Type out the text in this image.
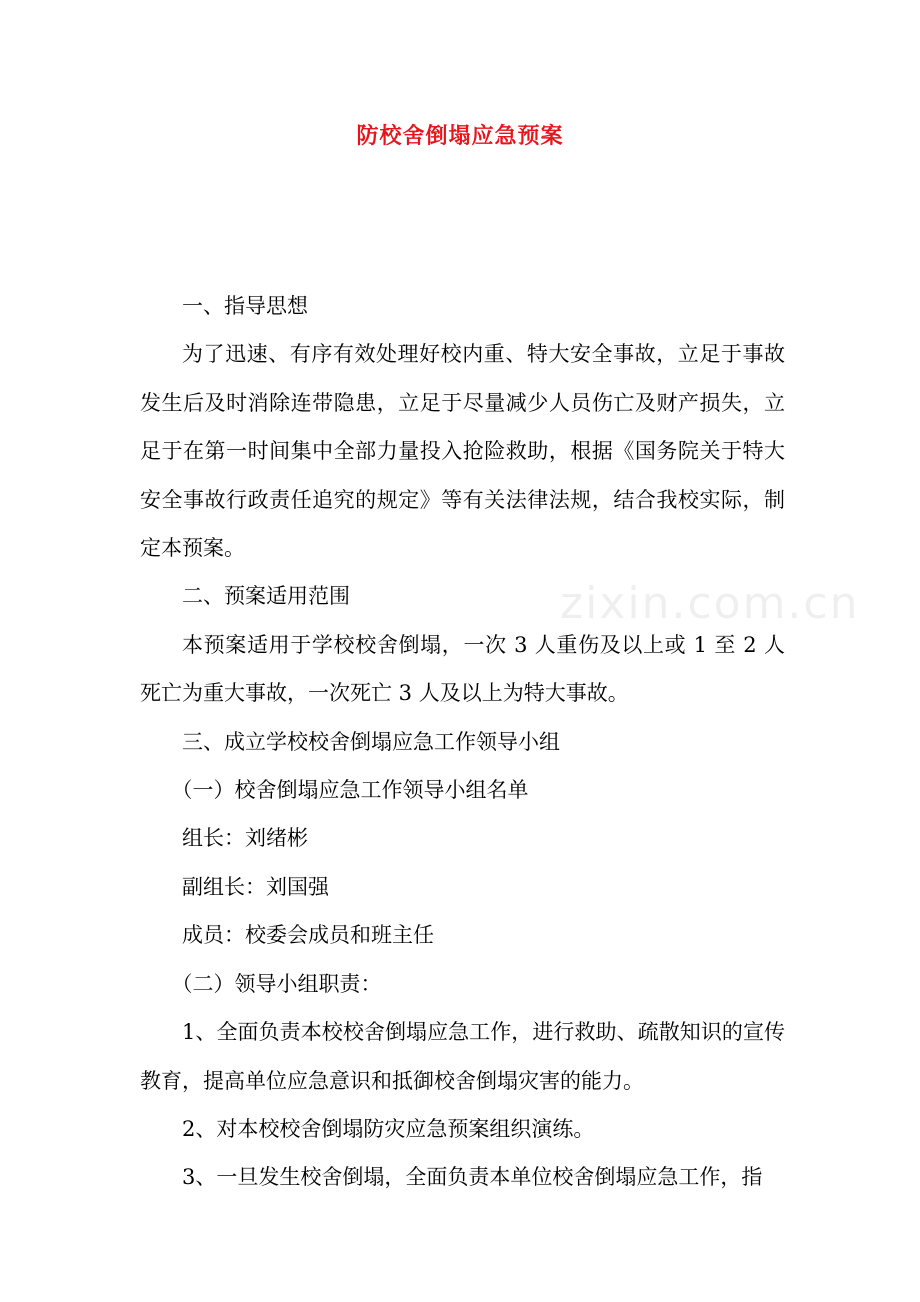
防校舍倒塌应急预案
zixin.com.cn

一、指导思想

为了迅速、有序有效处理好校内重、特大安全事故，立足于事故发生后及时消除连带隐患，立足于尽量减少人员伤亡及财产损失，立足于在第一时间集中全部力量投入抢险救助，根据《国务院关于特大安全事故行政责任追究的规定》等有关法律法规，结合我校实际，制定本预案。

二、预案适用范围

本预案适用于学校校舍倒塌，一次 3 人重伤及以上或 1 至 2 人死亡为重大事故，一次死亡 3 人及以上为特大事故。

三、成立学校校舍倒塌应急工作领导小组

（一）校舍倒塌应急工作领导小组名单

组长：刘绪彬

副组长：刘国强

成员：校委会成员和班主任

（二）领导小组职责：

1、全面负责本校校舍倒塌应急工作，进行救助、疏散知识的宣传教育，提高单位应急意识和抵御校舍倒塌灾害的能力。

2、对本校校舍倒塌防灾应急预案组织演练。

3、一旦发生校舍倒塌，全面负责本单位校舍倒塌应急工作，指
